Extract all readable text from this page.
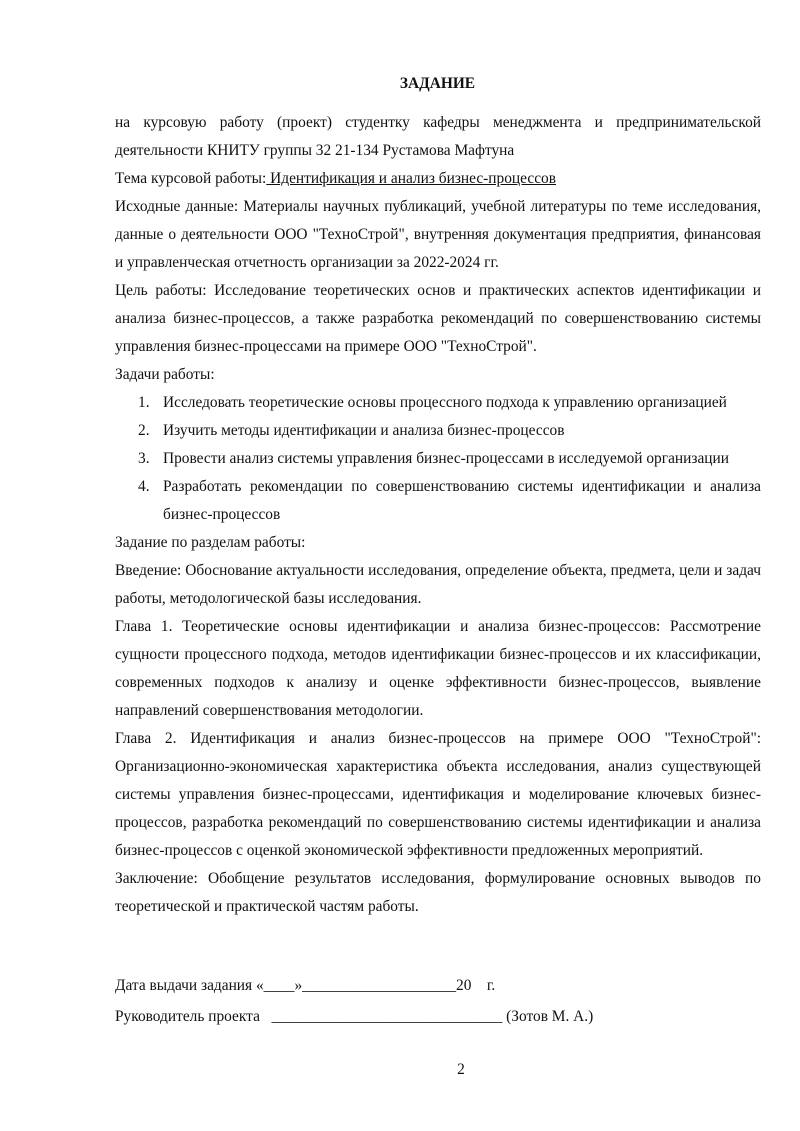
ЗАДАНИЕ

на курсовую работу (проект) студентку кафедры менеджмента и предпринимательской деятельности КНИТУ группы 32 21-134 Рустамова Мафтуна

Тема курсовой работы: Идентификация и анализ бизнес-процессов

Исходные данные: Материалы научных публикаций, учебной литературы по теме исследования, данные о деятельности ООО "ТехноСтрой", внутренняя документация предприятия, финансовая и управленческая отчетность организации за 2022-2024 гг.

Цель работы: Исследование теоретических основ и практических аспектов идентификации и анализа бизнес-процессов, а также разработка рекомендаций по совершенствованию системы управления бизнес-процессами на примере ООО "ТехноСтрой".

Задачи работы:

1. Исследовать теоретические основы процессного подхода к управлению организацией
2. Изучить методы идентификации и анализа бизнес-процессов
3. Провести анализ системы управления бизнес-процессами в исследуемой организации
4. Разработать рекомендации по совершенствованию системы идентификации и анализа бизнес-процессов

Задание по разделам работы:

Введение: Обоснование актуальности исследования, определение объекта, предмета, цели и задач работы, методологической базы исследования.

Глава 1. Теоретические основы идентификации и анализа бизнес-процессов: Рассмотрение сущности процессного подхода, методов идентификации бизнес-процессов и их классификации, современных подходов к анализу и оценке эффективности бизнес-процессов, выявление направлений совершенствования методологии.

Глава 2. Идентификация и анализ бизнес-процессов на примере ООО "ТехноСтрой": Организационно-экономическая характеристика объекта исследования, анализ существующей системы управления бизнес-процессами, идентификация и моделирование ключевых бизнес-процессов, разработка рекомендаций по совершенствованию системы идентификации и анализа бизнес-процессов с оценкой экономической эффективности предложенных мероприятий.

Заключение: Обобщение результатов исследования, формулирование основных выводов по теоретической и практической частям работы.

Дата выдачи задания «____»____________________20    г.
Руководитель проекта   ______________________________ (Зотов М. А.)
2
